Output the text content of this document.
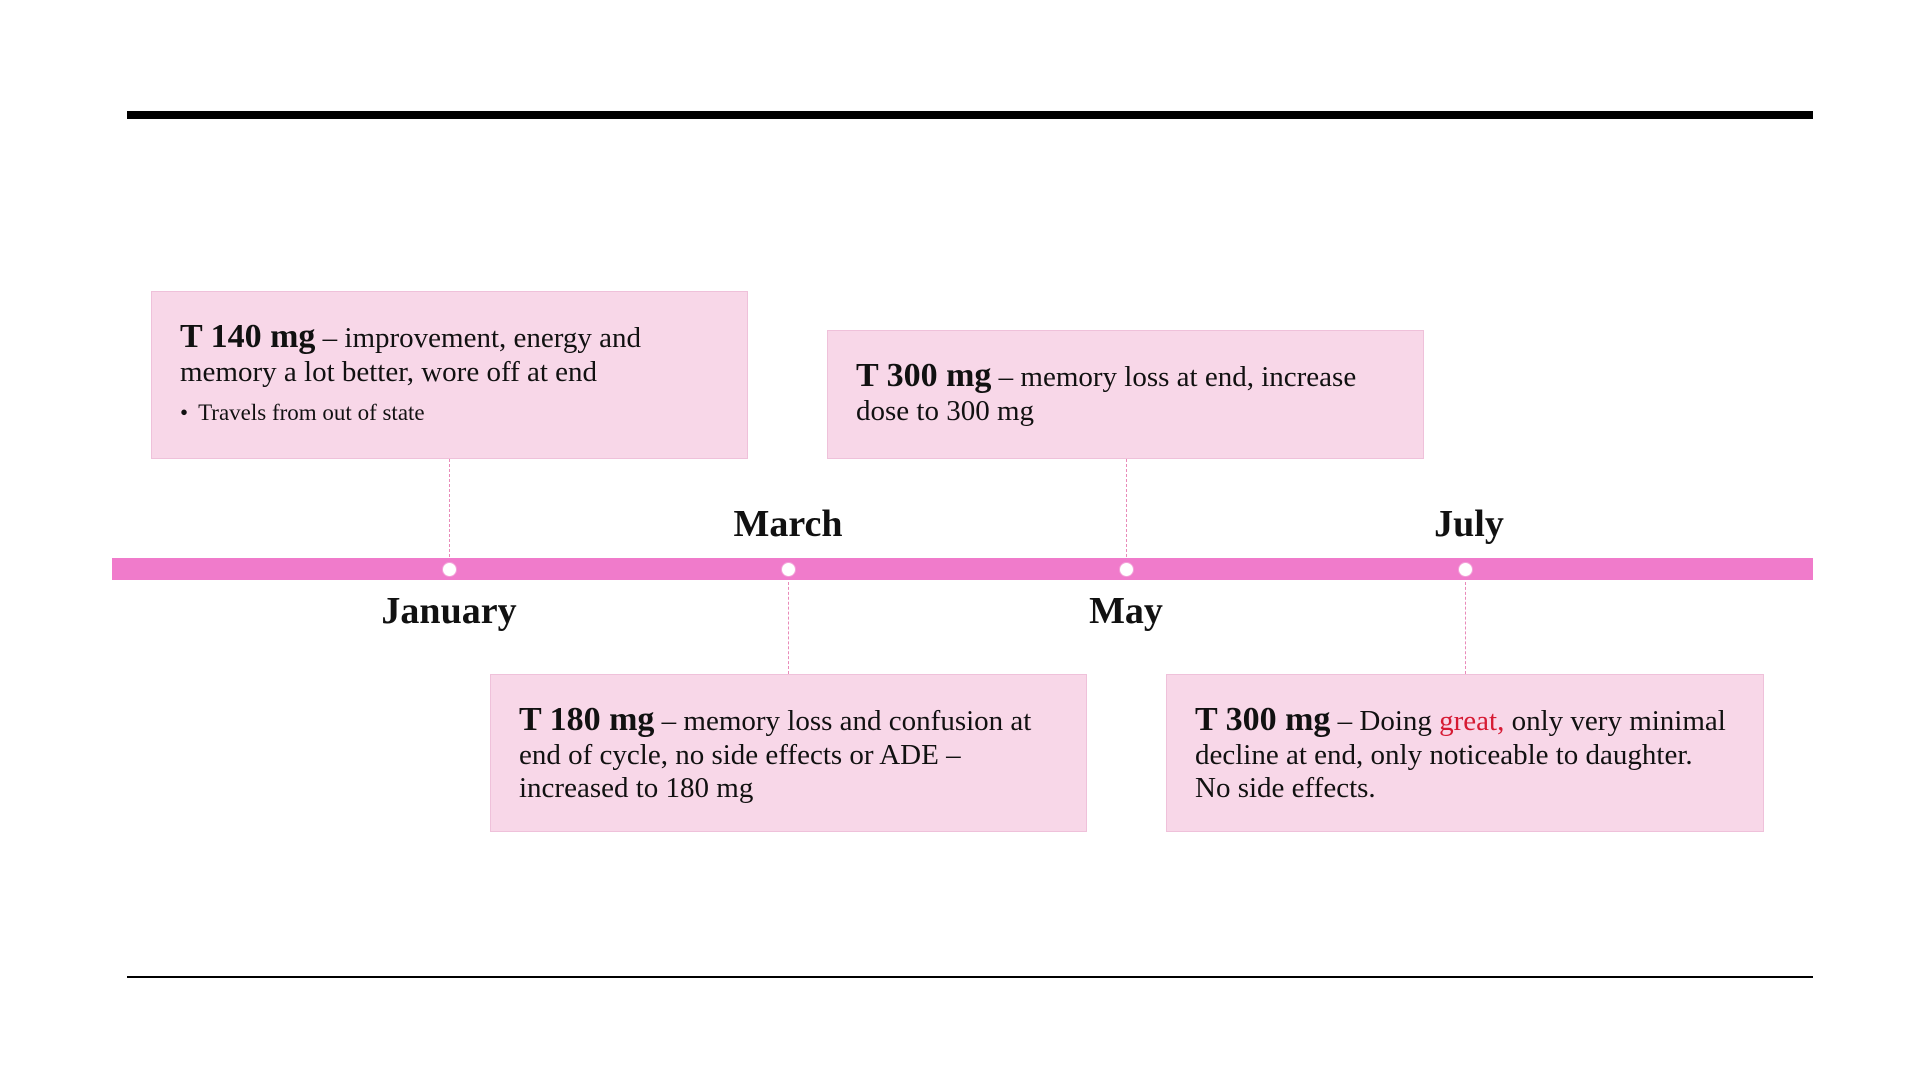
T 140 mg – improvement, energy and memory a lot better, wore off at end
• Travels from out of state
T 300 mg – memory loss at end, increase dose to 300 mg
March	July
January	May
T 180 mg – memory loss and confusion at end of cycle, no side effects or ADE – increased to 180 mg
T 300 mg – Doing great, only very minimal decline at end, only noticeable to daughter. No side effects.
